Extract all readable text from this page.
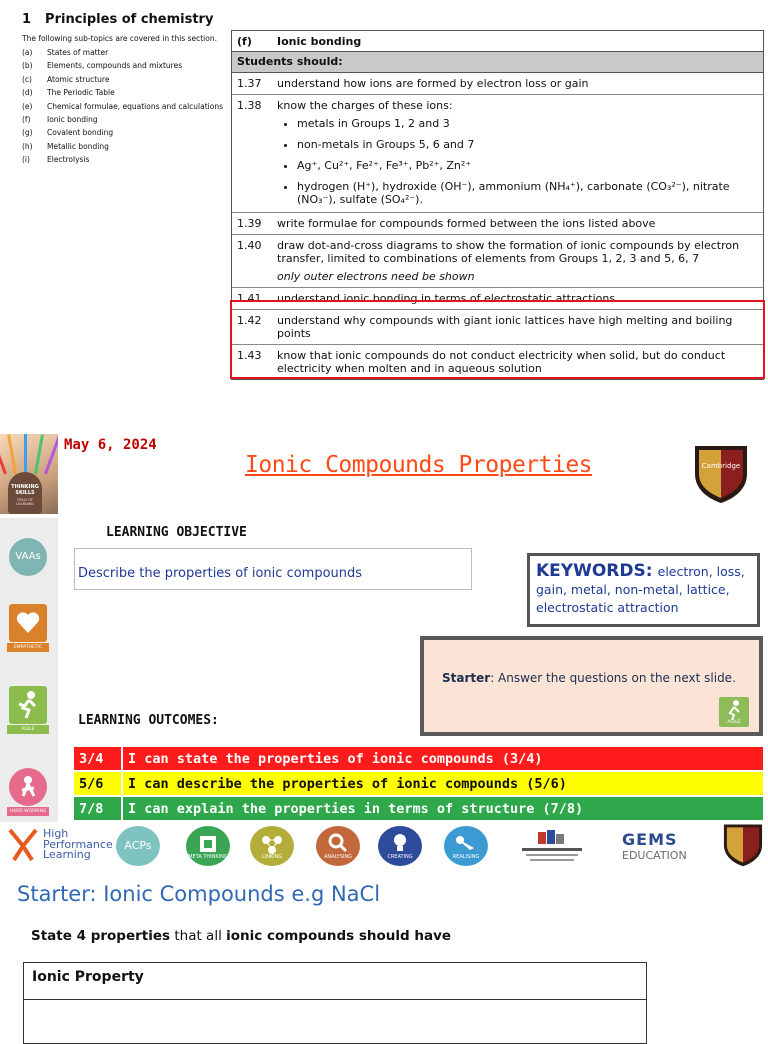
1 Principles of chemistry
The following sub-topics are covered in this section.
(a)	States of matter
(b)	Elements, compounds and mixtures
(c)	Atomic structure
(d)	The Periodic Table
(e)	Chemical formulae, equations and calculations
(f)	Ionic bonding
(g)	Covalent bonding
(h)	Metallic bonding
(i)	Electrolysis
(f)	Ionic bonding
Students should:
1.37	understand how ions are formed by electron loss or gain
1.38	know the charges of these ions:
• metals in Groups 1, 2 and 3
• non-metals in Groups 5, 6 and 7
• Ag⁺, Cu²⁺, Fe²⁺, Fe³⁺, Pb²⁺, Zn²⁺
• hydrogen (H⁺), hydroxide (OH⁻), ammonium (NH₄⁺), carbonate (CO₃²⁻), nitrate (NO₃⁻), sulfate (SO₄²⁻).
1.39	write formulae for compounds formed between the ions listed above
1.40	draw dot-and-cross diagrams to show the formation of ionic compounds by electron transfer, limited to combinations of elements from Groups 1, 2, 3 and 5, 6, 7
only outer electrons need be shown
1.41	understand ionic bonding in terms of electrostatic attractions
1.42	understand why compounds with giant ionic lattices have high melting and boiling points
1.43	know that ionic compounds do not conduct electricity when solid, but do conduct electricity when molten and in aqueous solution
THINKING SKILLS
FIELD OF LEARNING
VAAs
EMPATHETIC
AGILE
HARD WORKING
May 6, 2024
Ionic Compounds Properties	Cambridge
LEARNING OBJECTIVE
Describe the properties of ionic compounds	KEYWORDS: electron, loss, gain, metal, non-metal, lattice, electrostatic attraction
Starter: Answer the questions on the next slide.
AGILE
LEARNING OUTCOMES:
3/4	I can state the properties of ionic compounds (3/4)
5/6	I can describe the properties of ionic compounds (5/6)
7/8	I can explain the properties in terms of structure (7/8)
High
Performance
Learning
ACPs
META THINKING	LINKING	ANALYSING	CREATING	REALISING
GEMS
EDUCATION
Starter: Ionic Compounds e.g NaCl
State 4 properties that all ionic compounds should have
Ionic Property
